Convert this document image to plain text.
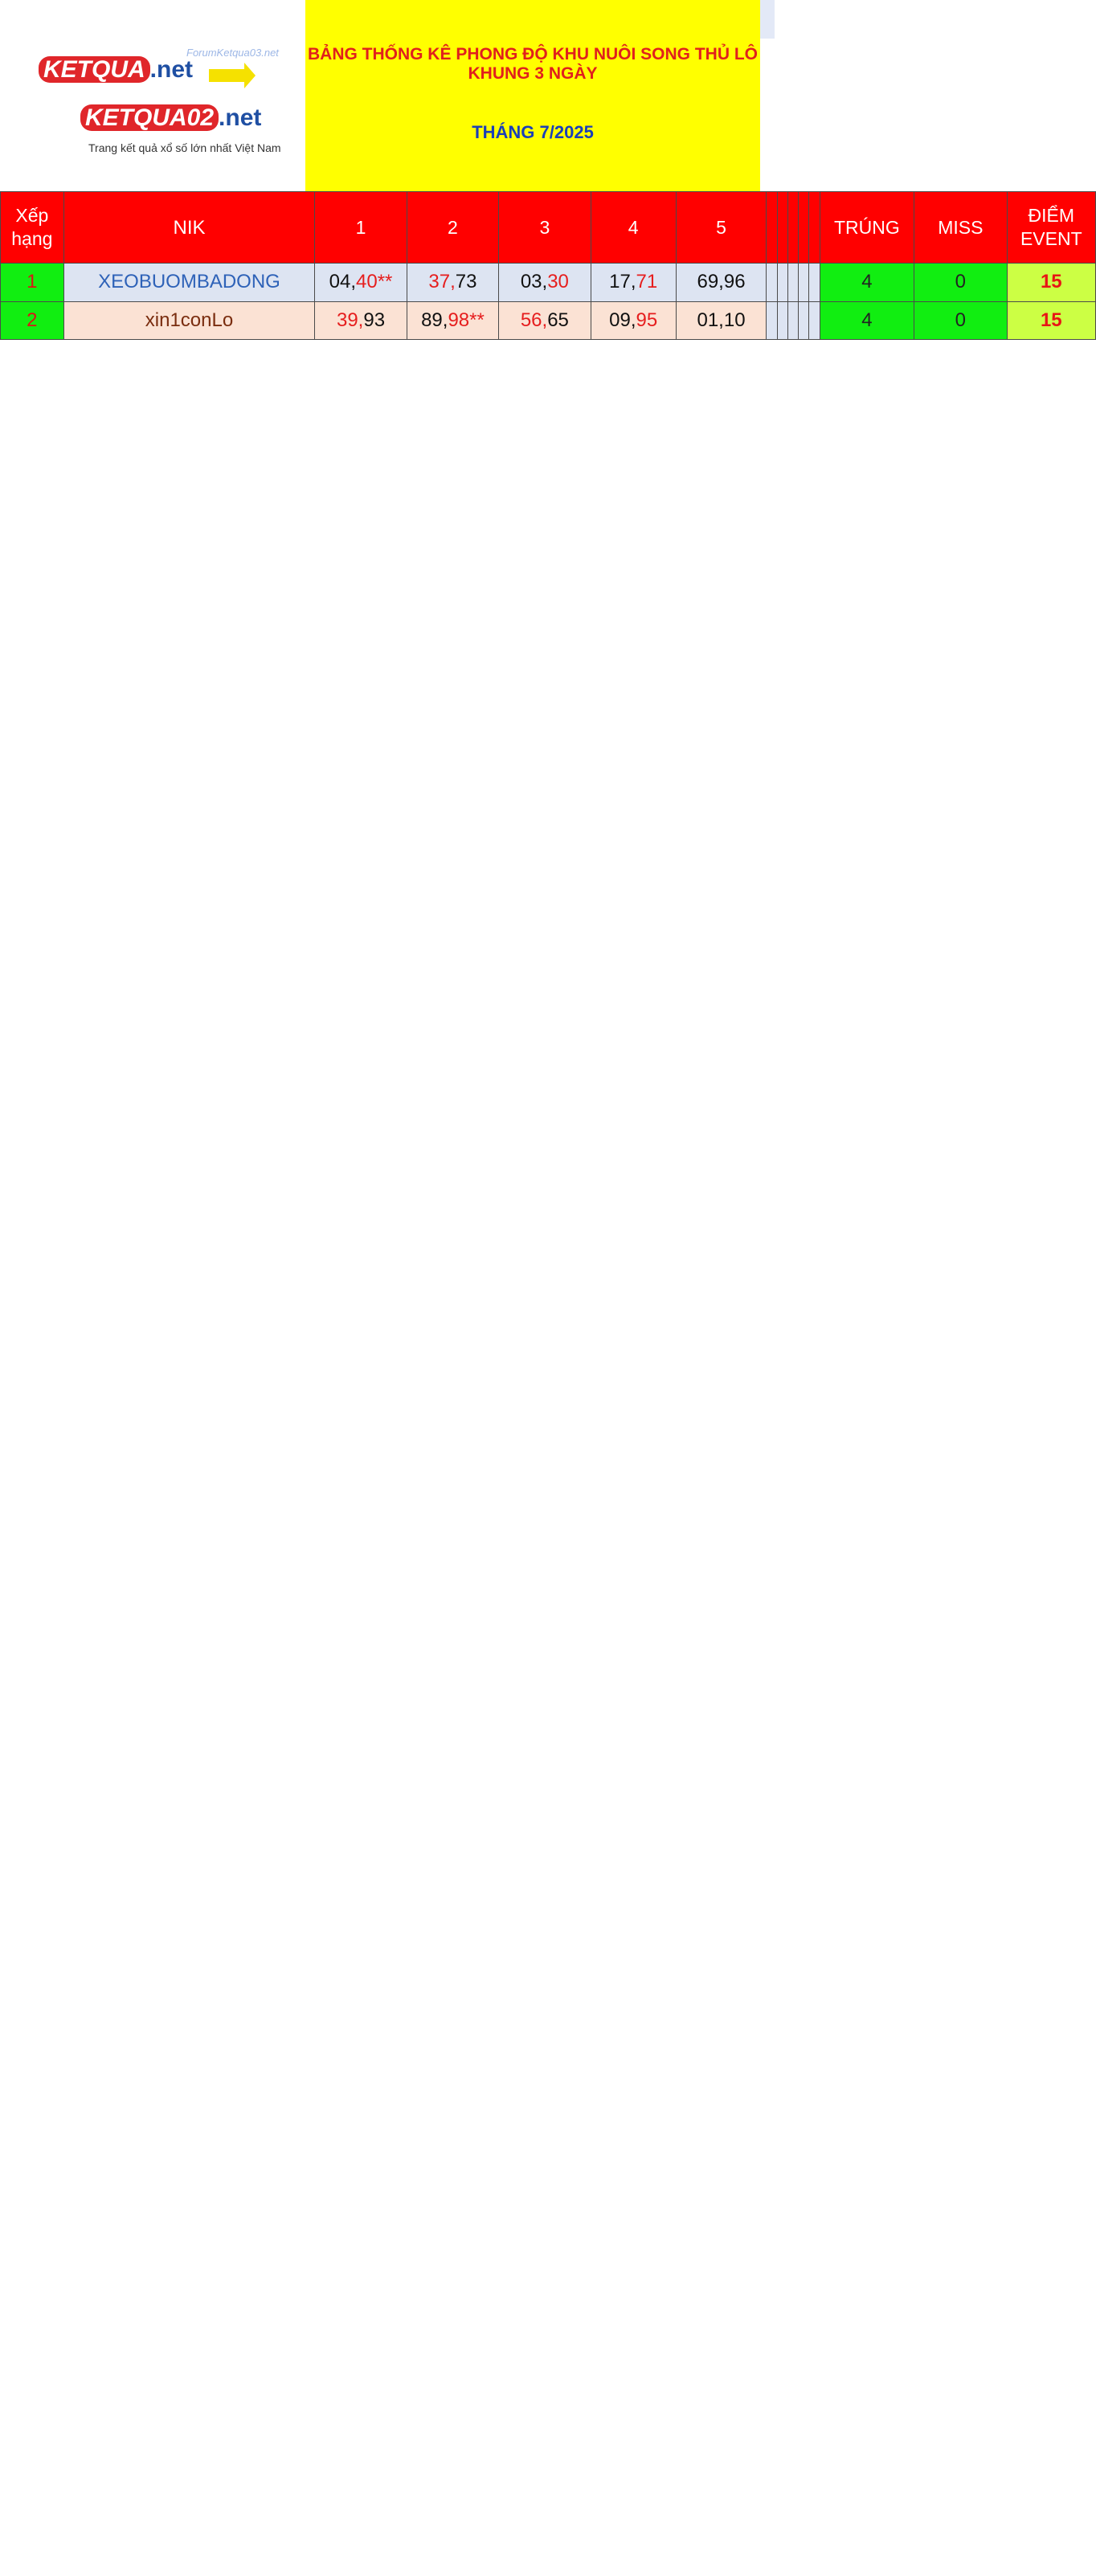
ForumKetqua03.net
KETQUA .net
KETQUA02 .net
Trang kết quả xổ số lớn nhất Việt Nam
BẢNG THỐNG KÊ PHONG ĐỘ KHU NUÔI SONG THỦ LÔ KHUNG 3 NGÀY
THÁNG 7/2025
Xếp hạng	NIK	1	2	3	4	5						TRÚNG	MISS	ĐIỂM EVENT
1	XEOBUOMBADONG	04,40**	37,73	03,30	17,71	69,96						4	0	15
2	xin1conLo	39,93	89,98**	56,65	09,95	01,10						4	0	15
